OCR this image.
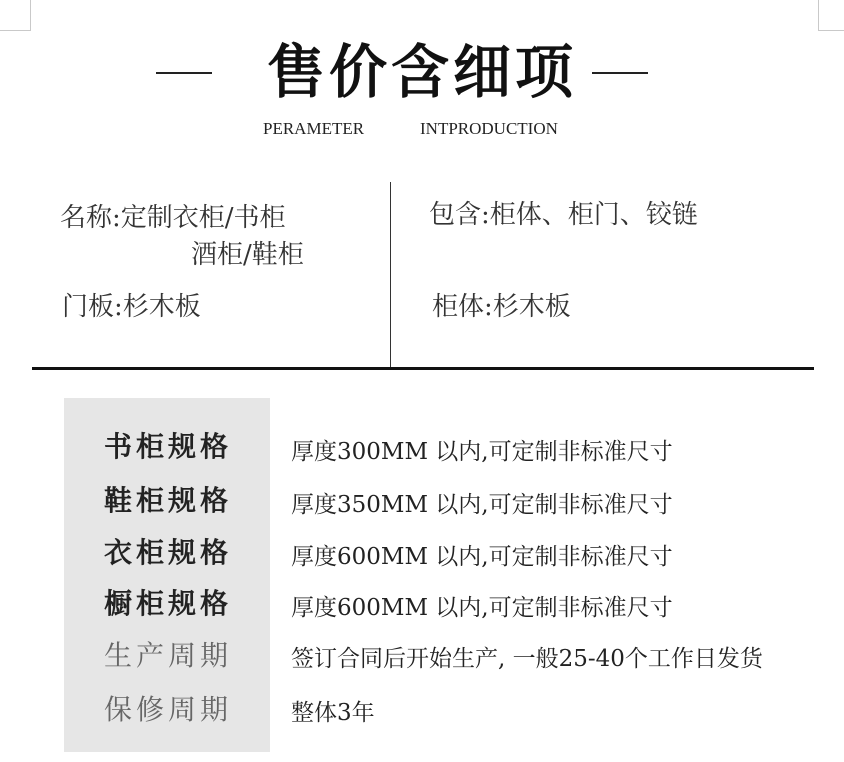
售价含细项
PERAMETER	INTPRODUCTION
名称:定制衣柜/书柜
酒柜/鞋柜
门板:杉木板
包含:柜体、柜门、铰链
柜体:杉木板
书柜规格	厚度300MM 以内,可定制非标准尺寸
鞋柜规格	厚度350MM 以内,可定制非标准尺寸
衣柜规格	厚度600MM 以内,可定制非标准尺寸
橱柜规格	厚度600MM 以内,可定制非标准尺寸
生产周期	签订合同后开始生产, 一般25-40个工作日发货
保修周期	整体3年
